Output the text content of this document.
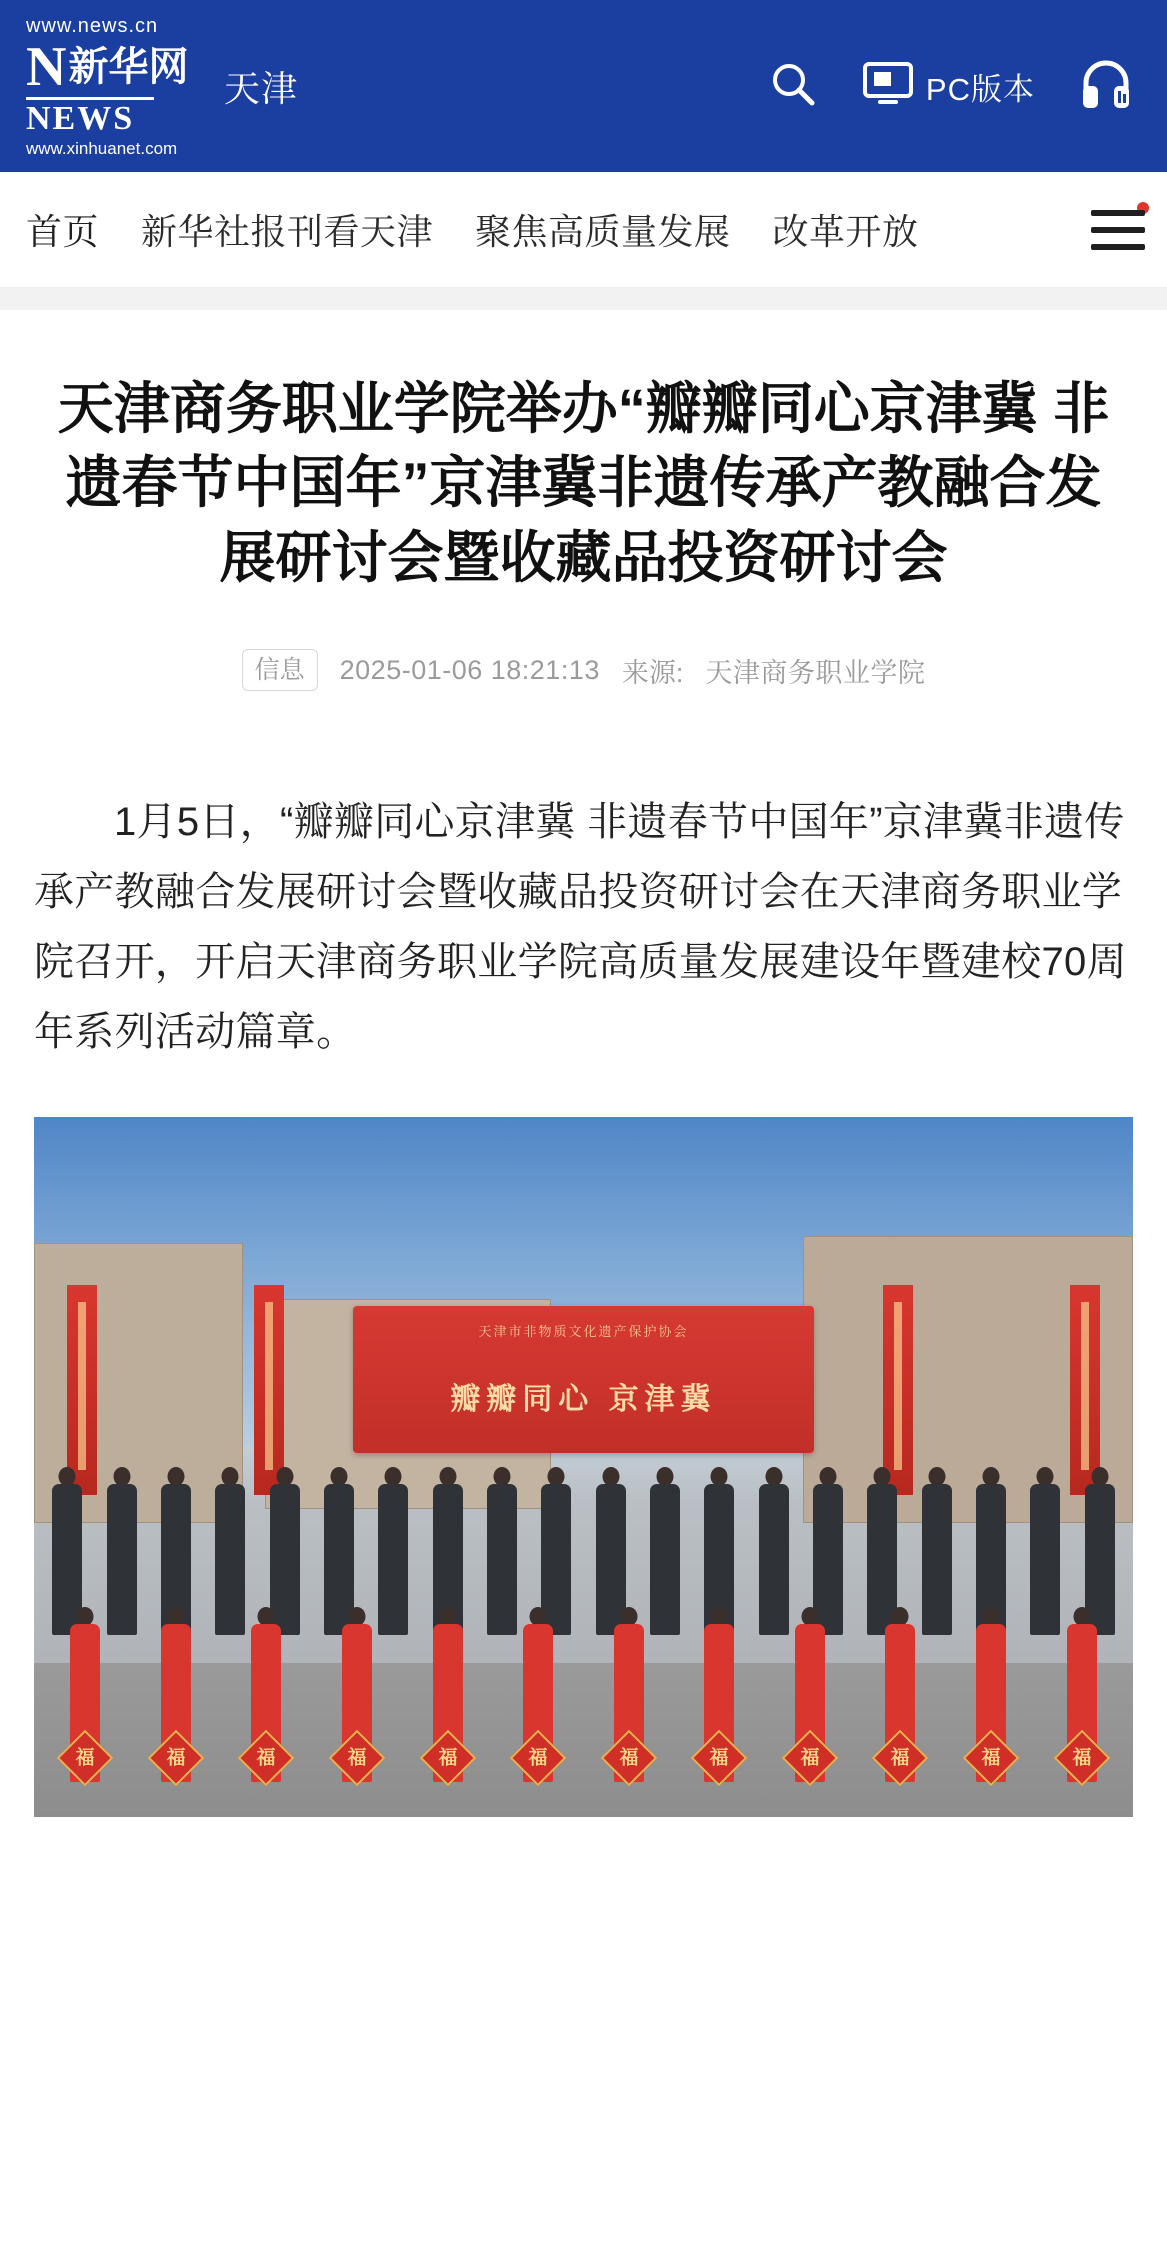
www.news.cn
N 新华网
NEWS
www.xinhuanet.com
天津	PC版本
首页 新华社报刊看天津 聚焦高质量发展 改革开放
天津商务职业学院举办“瓣瓣同心京津冀 非遗春节中国年”京津冀非遗传承产教融合发展研讨会暨收藏品投资研讨会
信息	2025-01-06 18:21:13 来源: 天津商务职业学院

1月5日，“瓣瓣同心京津冀 非遗春节中国年”京津冀非遗传承产教融合发展研讨会暨收藏品投资研讨会在天津商务职业学院召开，开启天津商务职业学院高质量发展建设年暨建校70周年系列活动篇章。

天津市非物质文化遗产保护协会
瓣瓣同心 京津冀
福	福	福	福	福	福	福	福	福	福	福	福
